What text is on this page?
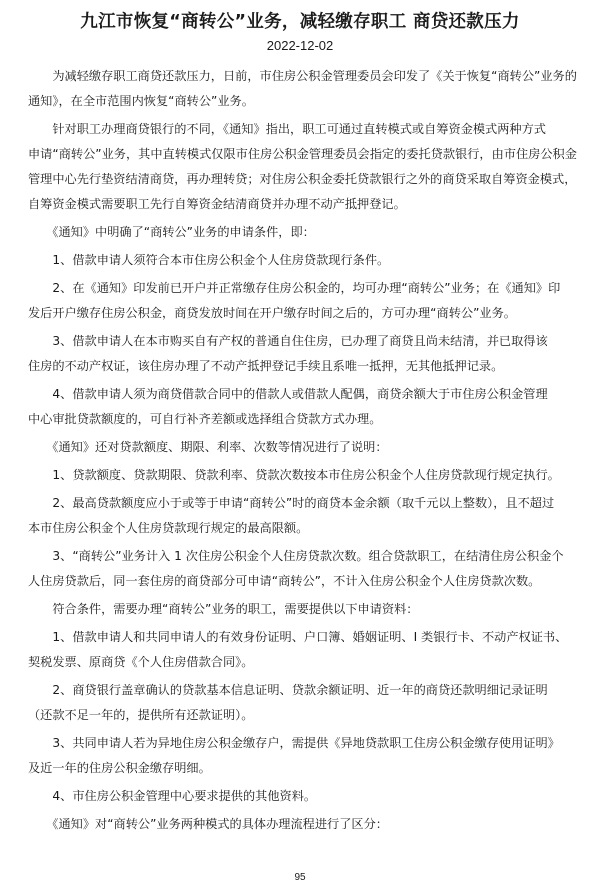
九江市恢复“商转公”业务，减轻缴存职工 商贷还款压力
2022-12-02
　　为减轻缴存职工商贷还款压力，日前，市住房公积金管理委员会印发了《关于恢复“商转公”业务的
通知》，在全市范围内恢复“商转公”业务。
　　针对职工办理商贷银行的不同，《通知》指出，职工可通过直转模式或自筹资金模式两种方式
申请“商转公”业务，其中直转模式仅限市住房公积金管理委员会指定的委托贷款银行，由市住房公积金
管理中心先行垫资结清商贷，再办理转贷；对住房公积金委托贷款银行之外的商贷采取自筹资金模式，
自筹资金模式需要职工先行自筹资金结清商贷并办理不动产抵押登记。
　　《通知》中明确了“商转公”业务的申请条件，即：
　　1、借款申请人须符合本市住房公积金个人住房贷款现行条件。
　　2、在《通知》印发前已开户并正常缴存住房公积金的，均可办理“商转公”业务；在《通知》印
发后开户缴存住房公积金，商贷发放时间在开户缴存时间之后的，方可办理“商转公”业务。
　　3、借款申请人在本市购买自有产权的普通自住住房，已办理了商贷且尚未结清，并已取得该
住房的不动产权证，该住房办理了不动产抵押登记手续且系唯一抵押，无其他抵押记录。
　　4、借款申请人须为商贷借款合同中的借款人或借款人配偶，商贷余额大于市住房公积金管理
中心审批贷款额度的，可自行补齐差额或选择组合贷款方式办理。
　　《通知》还对贷款额度、期限、利率、次数等情况进行了说明：
　　1、贷款额度、贷款期限、贷款利率、贷款次数按本市住房公积金个人住房贷款现行规定执行。
　　2、最高贷款额度应小于或等于申请“商转公”时的商贷本金余额（取千元以上整数），且不超过
本市住房公积金个人住房贷款现行规定的最高限额。
　　3、“商转公”业务计入 1 次住房公积金个人住房贷款次数。组合贷款职工，在结清住房公积金个
人住房贷款后，同一套住房的商贷部分可申请“商转公”，不计入住房公积金个人住房贷款次数。
　　符合条件，需要办理“商转公”业务的职工，需要提供以下申请资料：
　　1、借款申请人和共同申请人的有效身份证明、户口簿、婚姻证明、I 类银行卡、不动产权证书、
契税发票、原商贷《个人住房借款合同》。
　　2、商贷银行盖章确认的贷款基本信息证明、贷款余额证明、近一年的商贷还款明细记录证明
（还款不足一年的，提供所有还款证明）。
　　3、共同申请人若为异地住房公积金缴存户，需提供《异地贷款职工住房公积金缴存使用证明》
及近一年的住房公积金缴存明细。
　　4、市住房公积金管理中心要求提供的其他资料。
　　《通知》对“商转公”业务两种模式的具体办理流程进行了区分：
95
